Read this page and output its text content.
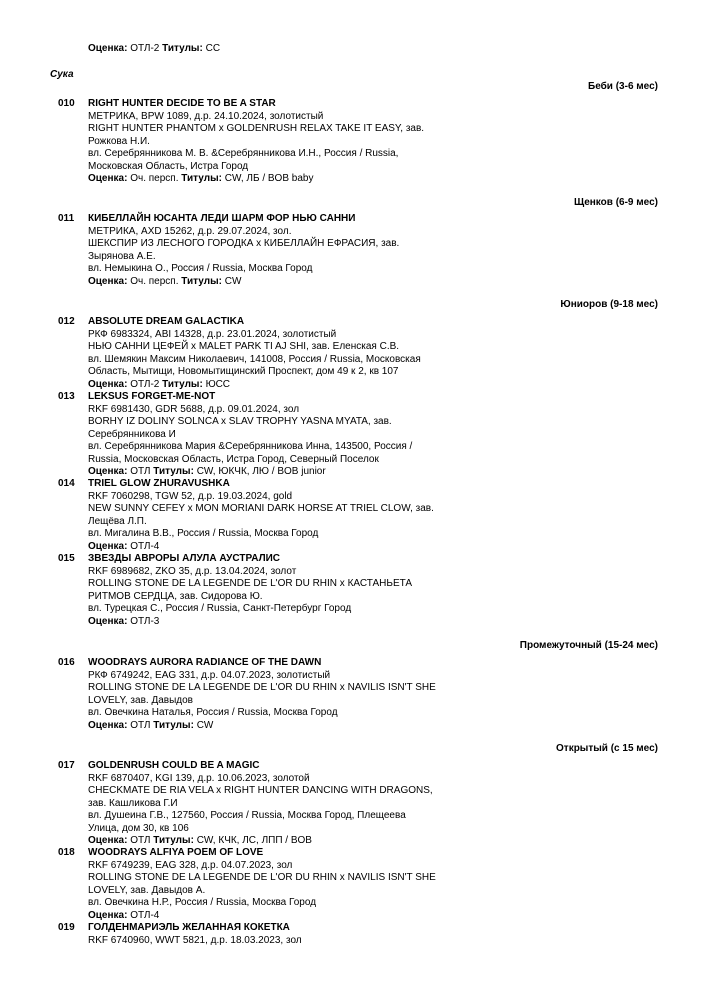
Оценка: ОТЛ-2 Титулы: CC
Сука
Беби (3-6 мес)
Щенков (6-9 мес)
Юниоров (9-18 мес)
Промежуточный (15-24 мес)
Открытый (с 15 мес)
010 RIGHT HUNTER DECIDE TO BE A STAR
МЕТРИКА, BPW 1089, д.р. 24.10.2024, золотистый
RIGHT HUNTER PHANTOM x GOLDENRUSH RELAX TAKE IT EASY, зав.
Рожкова Н.И.
вл. Серебрянникова М. В. &Серебрянникова И.Н., Россия / Russia,
Московская Область, Истра Город
Оценка: Оч. персп. Титулы: CW, ЛБ / BOB baby
011 КИБЕЛЛАЙН ЮСАНТА ЛЕДИ ШАРМ ФОР НЬЮ САННИ
МЕТРИКА, AXD 15262, д.р. 29.07.2024, зол.
ШЕКСПИР ИЗ ЛЕСНОГО ГОРОДКА x КИБЕЛЛАЙН ЕФРАСИЯ, зав.
Зырянова А.Е.
вл. Немыкина О., Россия / Russia, Москва Город
Оценка: Оч. персп. Титулы: CW
012 ABSOLUTE DREAM GALACTIKA
РКФ 6983324, ABI 14328, д.р. 23.01.2024, золотистый
НЬЮ САННИ ЦЕФЕЙ x MALET PARK TI AJ SHI, зав. Еленская С.В.
вл. Шемякин Максим Николаевич, 141008, Россия / Russia, Московская
Область, Мытищи, Новомытищинский Проспект, дом 49 к 2, кв 107
Оценка: ОТЛ-2 Титулы: ЮСС
013 LEKSUS FORGET-ME-NOT
RKF 6981430, GDR 5688, д.р. 09.01.2024, зол
BORHY IZ DOLINY SOLNCA x SLAV TROPHY YASNA MYATA, зав.
Серебрянникова И
вл. Серебрянникова Мария &Серебрянникова Инна, 143500, Россия /
Russia, Московская Область, Истра Город, Северный Поселок
Оценка: ОТЛ Титулы: CW, ЮКЧК, ЛЮ / BOB junior
014 TRIEL GLOW ZHURAVUSHKA
RKF 7060298, TGW 52, д.р. 19.03.2024, gold
NEW SUNNY CEFEY x MON MORIANI DARK HORSE AT TRIEL CLOW, зав.
Лещёва Л.П.
вл. Мигалина В.В., Россия / Russia, Москва Город
Оценка: ОТЛ-4
015 ЗВЕЗДЫ АВРОРЫ АЛУЛА АУСТРАЛИС
RKF 6989682, ZKO 35, д.р. 13.04.2024, золот
ROLLING STONE DE LA LEGENDE DE L'OR DU RHIN x КАСТАНЬЕТА
РИТМОВ СЕРДЦА, зав. Сидорова Ю.
вл. Турецкая С., Россия / Russia, Санкт-Петербург Город
Оценка: ОТЛ-3
016 WOODRAYS AURORA RADIANCE OF THE DAWN
РКФ 6749242, EAG 331, д.р. 04.07.2023, золотистый
ROLLING STONE DE LA LEGENDE DE L'OR DU RHIN x NAVILIS ISN'T SHE
LOVELY, зав. Давыдов
вл. Овечкина Наталья, Россия / Russia, Москва Город
Оценка: ОТЛ Титулы: CW
017 GOLDENRUSH COULD BE A MAGIC
RKF 6870407, KGI 139, д.р. 10.06.2023, золотой
CHECKMATE DE RIA VELA x RIGHT HUNTER DANCING WITH DRAGONS,
зав. Кашликова Г.И
вл. Душеина Г.В., 127560, Россия / Russia, Москва Город, Плещеева
Улица, дом 30, кв 106
Оценка: ОТЛ Титулы: CW, КЧК, ЛС, ЛПП / BOB
018 WOODRAYS ALFIYA POEM OF LOVE
RKF 6749239, EAG 328, д.р. 04.07.2023, зол
ROLLING STONE DE LA LEGENDE DE L'OR DU RHIN x NAVILIS ISN'T SHE
LOVELY, зав. Давыдов А.
вл. Овечкина Н.Р., Россия / Russia, Москва Город
Оценка: ОТЛ-4
019 ГОЛДЕНМАРИЭЛЬ ЖЕЛАННАЯ КОКЕТКА
RKF 6740960, WWT 5821, д.р. 18.03.2023, зол
